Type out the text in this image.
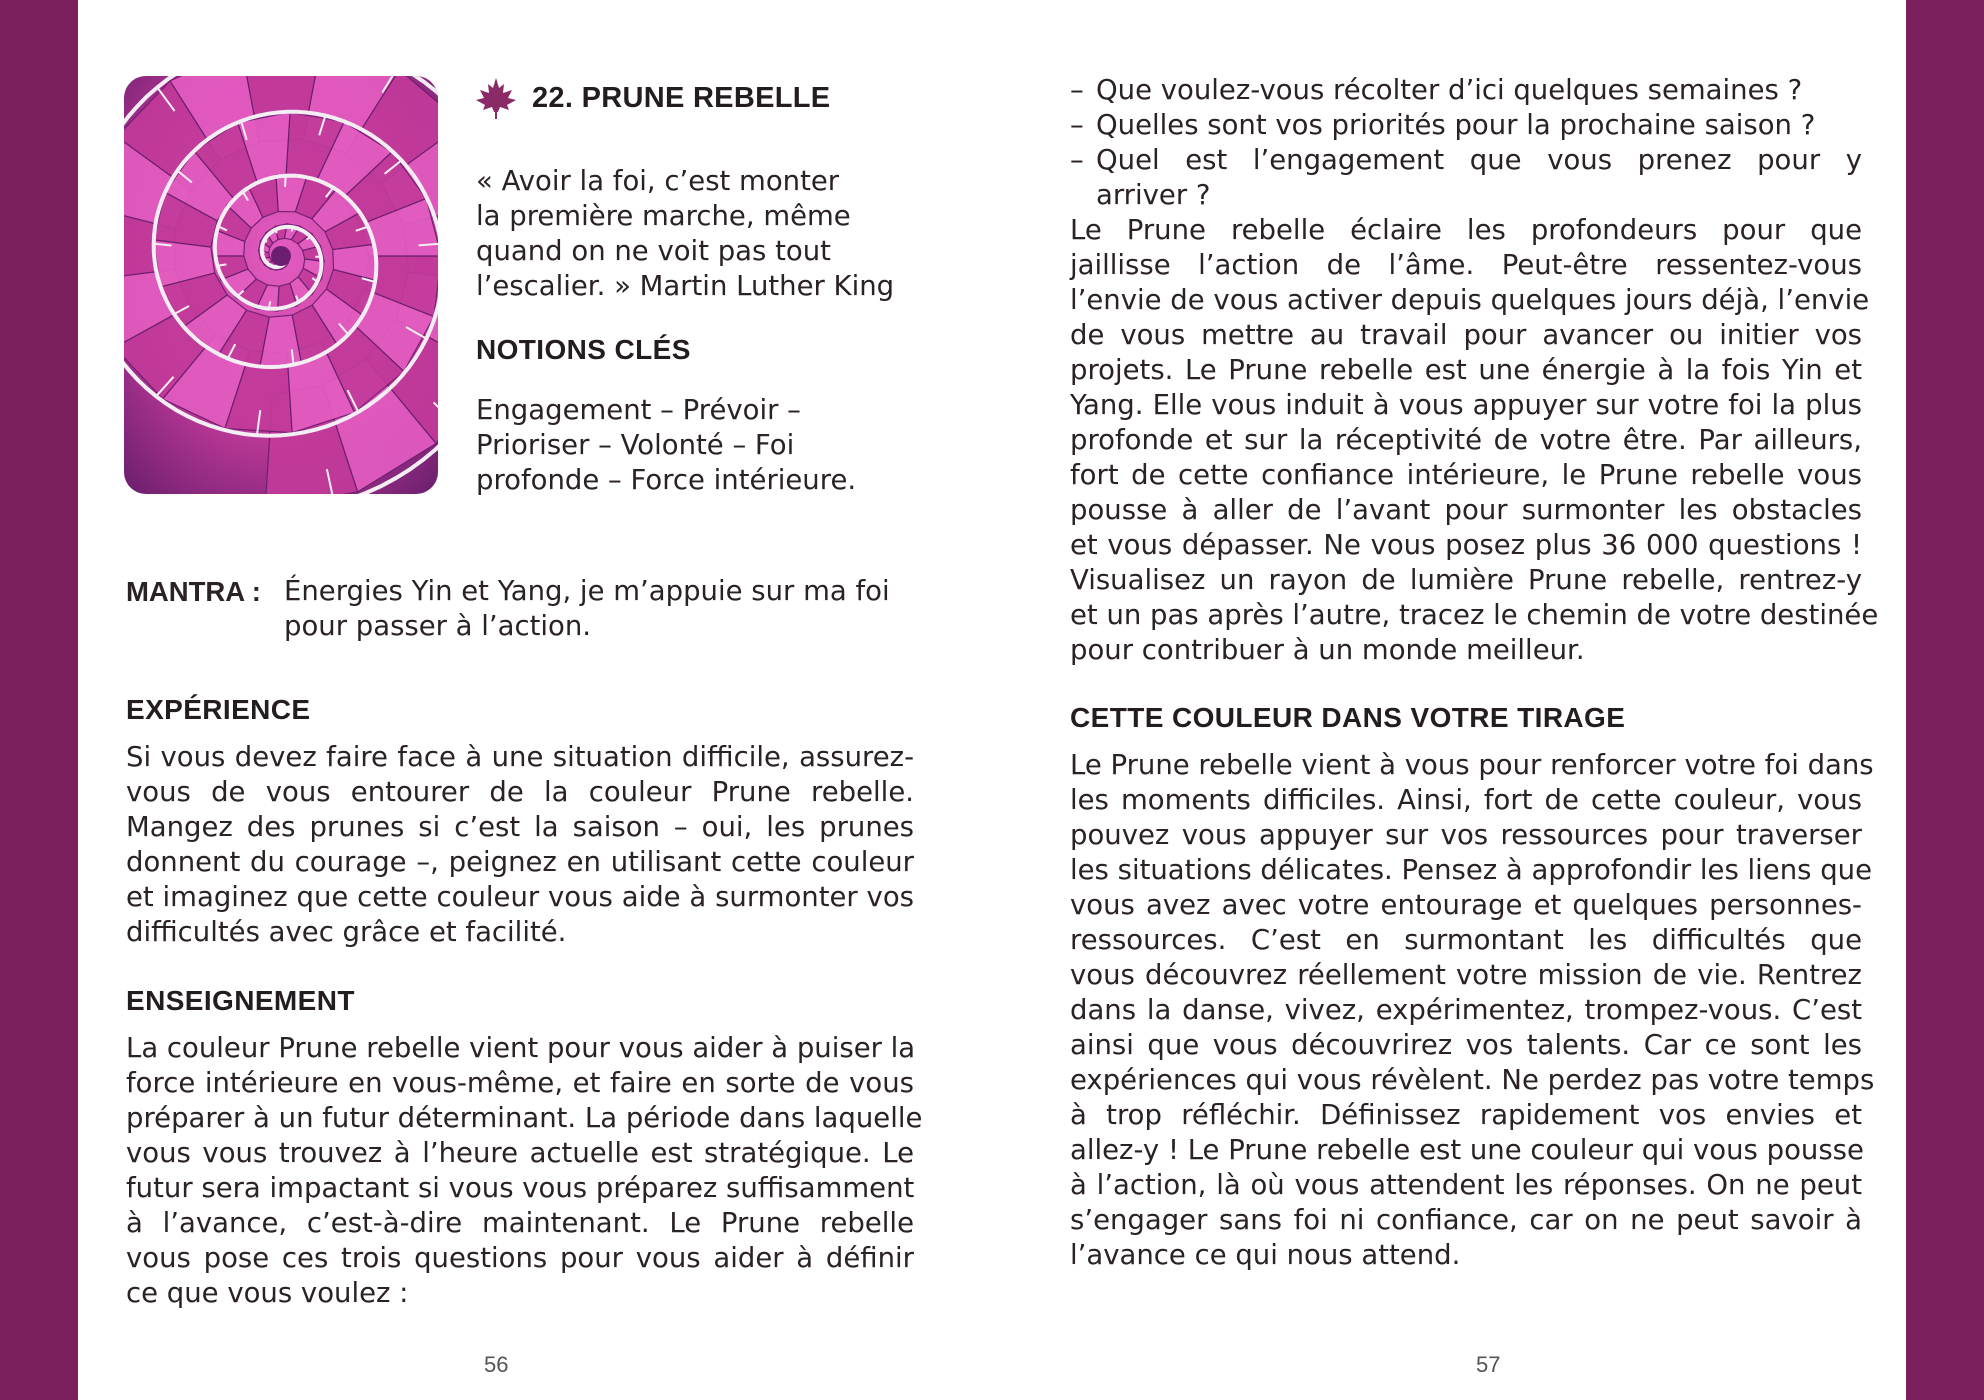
22. PRUNE REBELLE
« Avoir la foi, c’est monter
la première marche, même
quand on ne voit pas tout
l’escalier. » Martin Luther King
NOTIONS CLÉS
Engagement – Prévoir –
Prioriser – Volonté – Foi
profonde – Force intérieure.
MANTRA : Énergies Yin et Yang, je m’appuie sur ma foi
pour passer à l’action.
EXPÉRIENCE
Si vous devez faire face à une situation difficile, assurez-
vous de vous entourer de la couleur Prune rebelle.
Mangez des prunes si c’est la saison – oui, les prunes
donnent du courage –, peignez en utilisant cette couleur
et imaginez que cette couleur vous aide à surmonter vos
difficultés avec grâce et facilité.
ENSEIGNEMENT
La couleur Prune rebelle vient pour vous aider à puiser la
force intérieure en vous-même, et faire en sorte de vous
préparer à un futur déterminant. La période dans laquelle
vous vous trouvez à l’heure actuelle est stratégique. Le
futur sera impactant si vous vous préparez suffisamment
à l’avance, c’est-à-dire maintenant. Le Prune rebelle
vous pose ces trois questions pour vous aider à définir
ce que vous voulez :
56
– Que voulez-vous récolter d’ici quelques semaines ?
– Quelles sont vos priorités pour la prochaine saison ?
– Quel est l’engagement que vous prenez pour y
arriver ?
Le Prune rebelle éclaire les profondeurs pour que
jaillisse l’action de l’âme. Peut-être ressentez-vous
l’envie de vous activer depuis quelques jours déjà, l’envie
de vous mettre au travail pour avancer ou initier vos
projets. Le Prune rebelle est une énergie à la fois Yin et
Yang. Elle vous induit à vous appuyer sur votre foi la plus
profonde et sur la réceptivité de votre être. Par ailleurs,
fort de cette confiance intérieure, le Prune rebelle vous
pousse à aller de l’avant pour surmonter les obstacles
et vous dépasser. Ne vous posez plus 36 000 questions !
Visualisez un rayon de lumière Prune rebelle, rentrez-y
et un pas après l’autre, tracez le chemin de votre destinée
pour contribuer à un monde meilleur.
CETTE COULEUR DANS VOTRE TIRAGE
Le Prune rebelle vient à vous pour renforcer votre foi dans
les moments difficiles. Ainsi, fort de cette couleur, vous
pouvez vous appuyer sur vos ressources pour traverser
les situations délicates. Pensez à approfondir les liens que
vous avez avec votre entourage et quelques personnes-
ressources. C’est en surmontant les difficultés que
vous découvrez réellement votre mission de vie. Rentrez
dans la danse, vivez, expérimentez, trompez-vous. C’est
ainsi que vous découvrirez vos talents. Car ce sont les
expériences qui vous révèlent. Ne perdez pas votre temps
à trop réfléchir. Définissez rapidement vos envies et
allez-y ! Le Prune rebelle est une couleur qui vous pousse
à l’action, là où vous attendent les réponses. On ne peut
s’engager sans foi ni confiance, car on ne peut savoir à
l’avance ce qui nous attend.
57
